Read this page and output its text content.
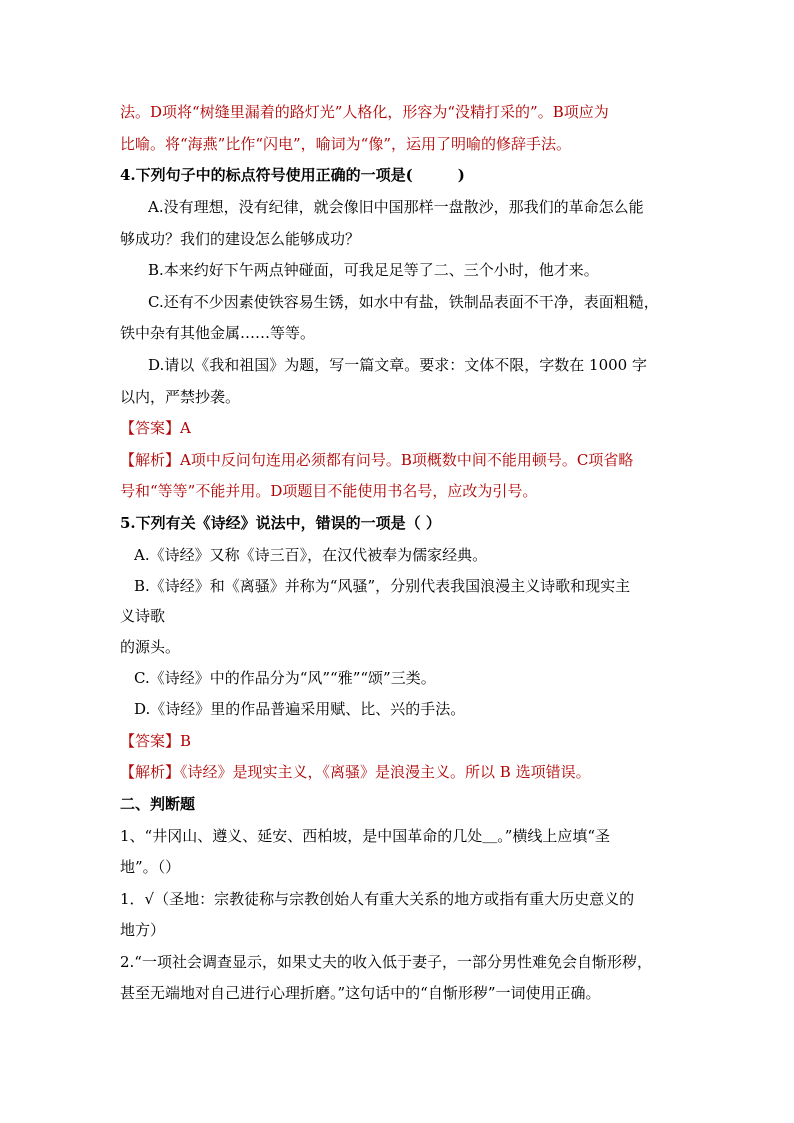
法。D项将“树缝里漏着的路灯光”人格化，形容为“没精打采的”。B项应为
比喻。将“海燕”比作“闪电”，喻词为“像”，运用了明喻的修辞手法。
4.下列句子中的标点符号使用正确的一项是(　　　)
A.没有理想，没有纪律，就会像旧中国那样一盘散沙，那我们的革命怎么能
够成功？我们的建设怎么能够成功？
B.本来约好下午两点钟碰面，可我足足等了二、三个小时，他才来。
C.还有不少因素使铁容易生锈，如水中有盐，铁制品表面不干净，表面粗糙，
铁中杂有其他金属……等等。
D.请以《我和祖国》为题，写一篇文章。要求：文体不限，字数在 1000 字
以内，严禁抄袭。
【答案】A
【解析】A项中反问句连用必须都有问号。B项概数中间不能用顿号。C项省略
号和“等等”不能并用。D项题目不能使用书名号，应改为引号。
5.下列有关《诗经》说法中，错误的一项是（ ）
A.《诗经》又称《诗三百》，在汉代被奉为儒家经典。
B.《诗经》和《离骚》并称为“风骚”，分别代表我国浪漫主义诗歌和现实主
义诗歌
的源头。
C.《诗经》中的作品分为“风”“雅”“颂”三类。
D.《诗经》里的作品普遍采用赋、比、兴的手法。
【答案】B
【解析】《诗经》是现实主义，《离骚》是浪漫主义。所以 B 选项错误。
二、判断题
1、“井冈山、遵义、延安、西柏坡，是中国革命的几处＿。”横线上应填“圣
地”。（）
1．√（圣地：宗教徒称与宗教创始人有重大关系的地方或指有重大历史意义的
地方）
2.“一项社会调查显示，如果丈夫的收入低于妻子，一部分男性难免会自惭形秽，
甚至无端地对自己进行心理折磨。”这句话中的“自惭形秽”一词使用正确。
